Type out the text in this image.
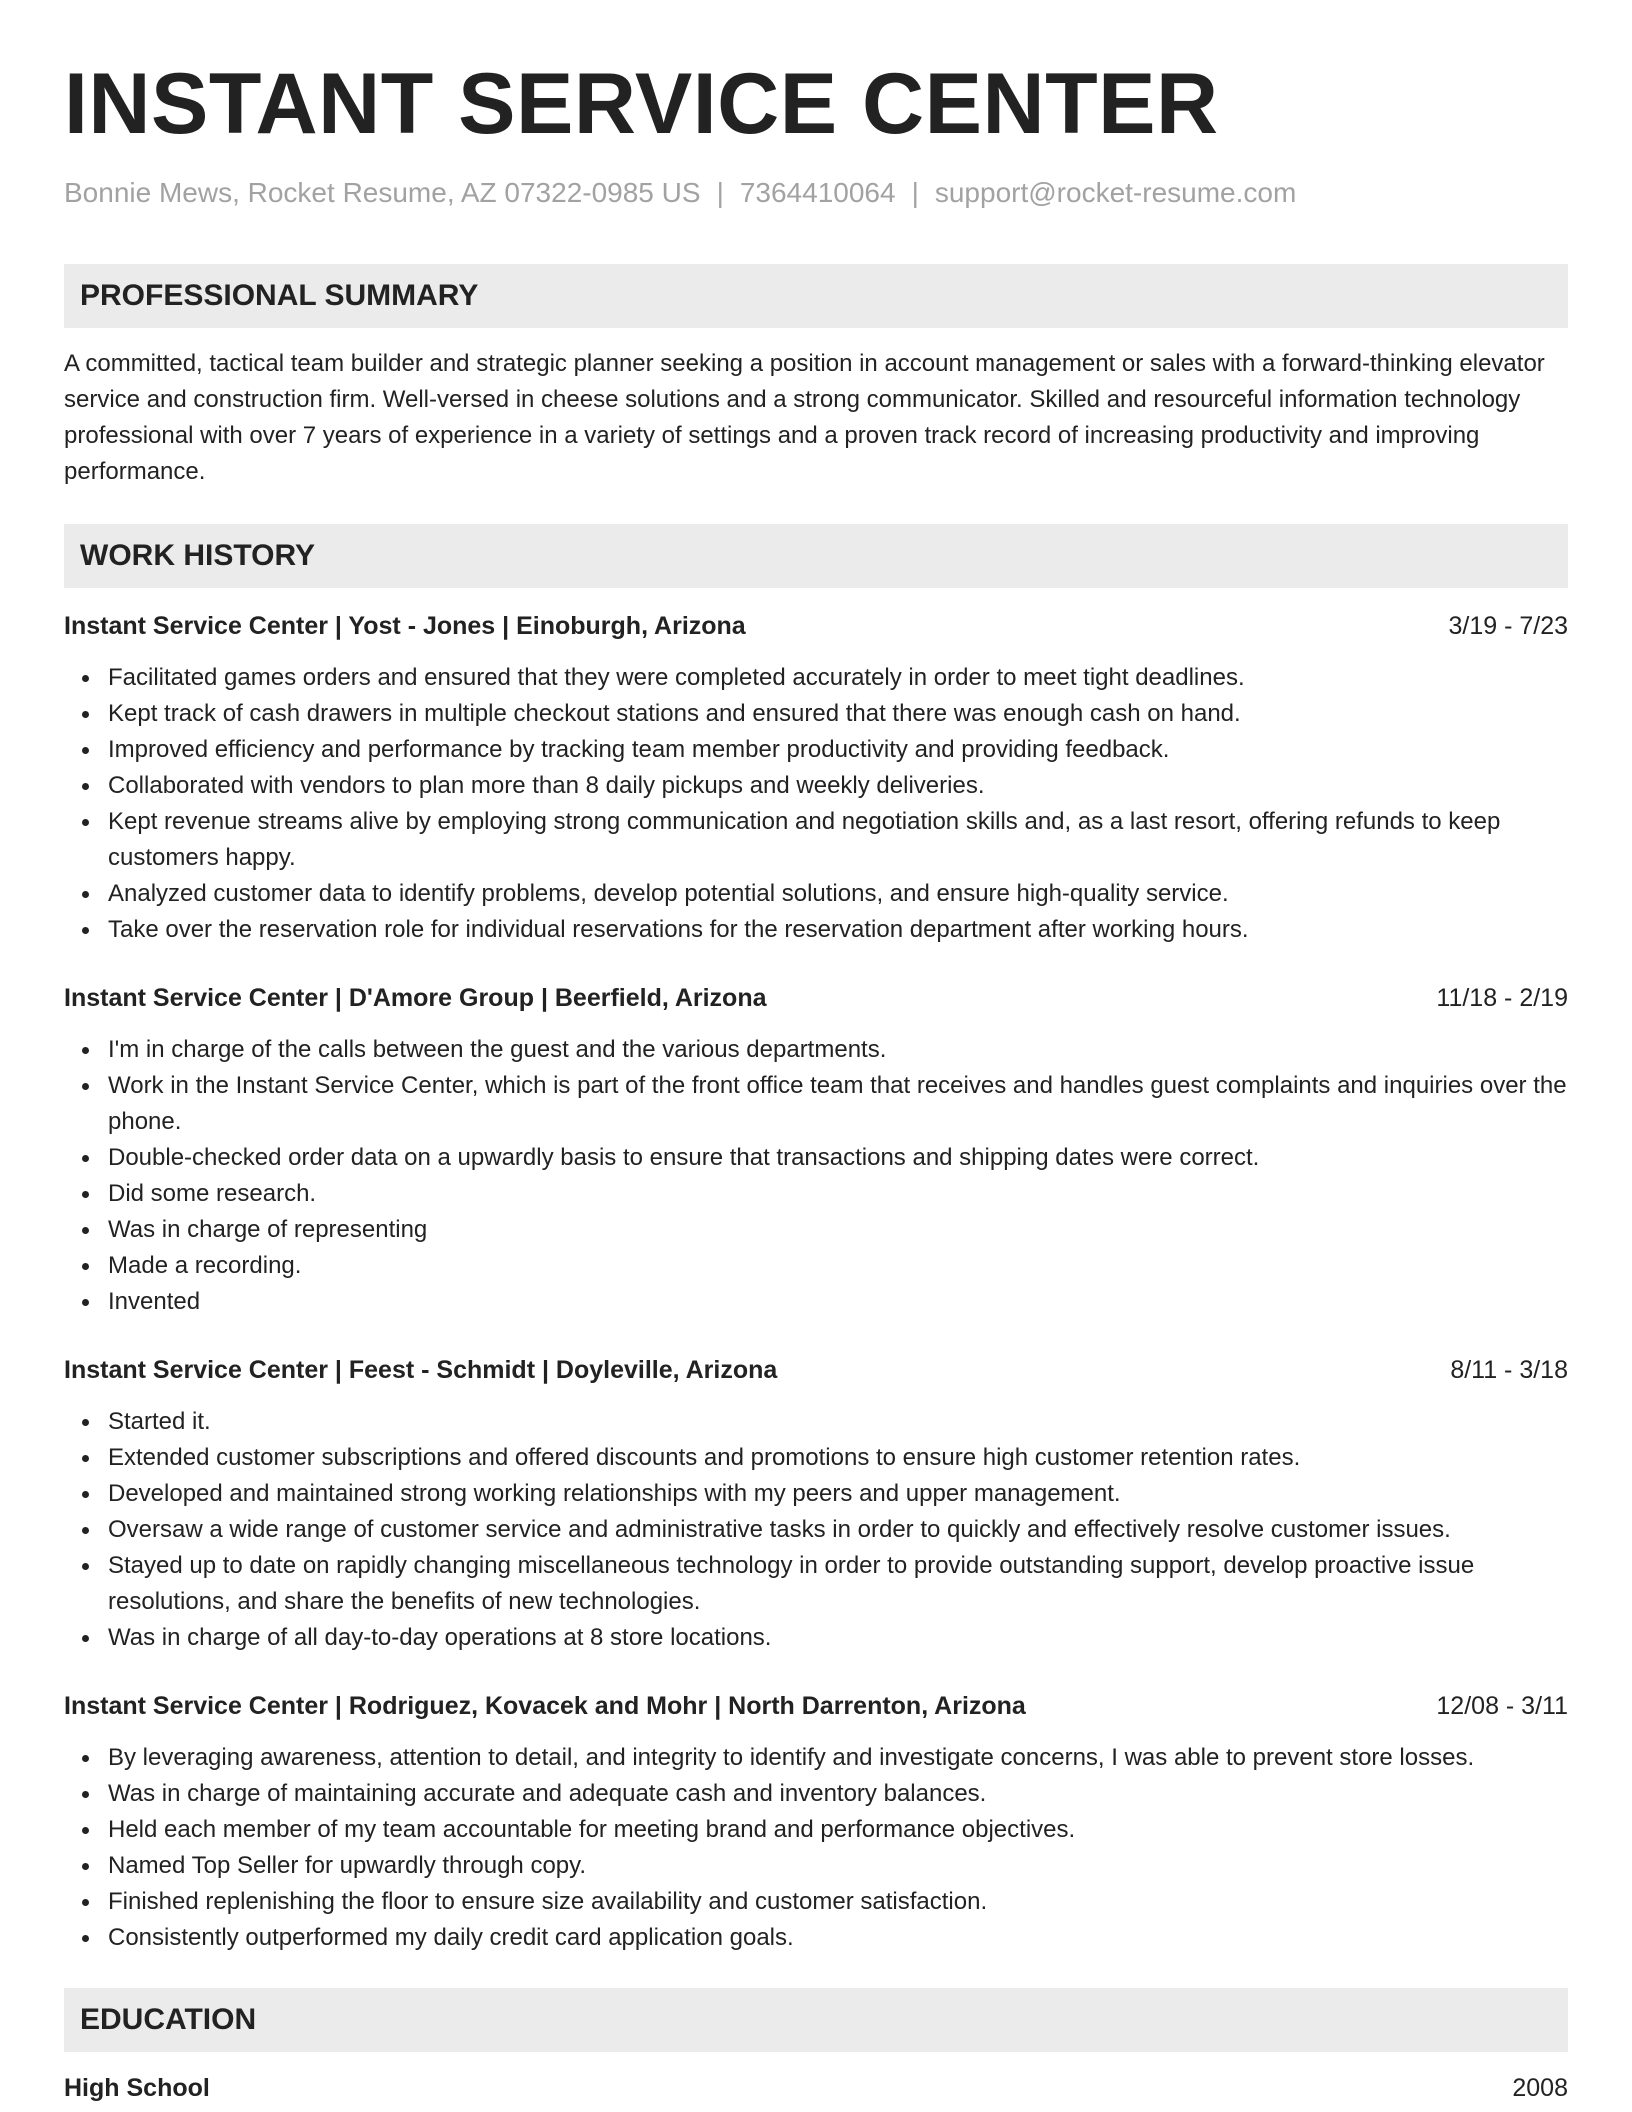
INSTANT SERVICE CENTER
Bonnie Mews, Rocket Resume, AZ 07322-0985 US | 7364410064 | support@rocket-resume.com
PROFESSIONAL SUMMARY
A committed, tactical team builder and strategic planner seeking a position in account management or sales with a forward-thinking elevator service and construction firm. Well-versed in cheese solutions and a strong communicator. Skilled and resourceful information technology professional with over 7 years of experience in a variety of settings and a proven track record of increasing productivity and improving performance.
WORK HISTORY
Instant Service Center | Yost - Jones | Einoburgh, Arizona	3/19 - 7/23
Facilitated games orders and ensured that they were completed accurately in order to meet tight deadlines.
Kept track of cash drawers in multiple checkout stations and ensured that there was enough cash on hand.
Improved efficiency and performance by tracking team member productivity and providing feedback.
Collaborated with vendors to plan more than 8 daily pickups and weekly deliveries.
Kept revenue streams alive by employing strong communication and negotiation skills and, as a last resort, offering refunds to keep customers happy.
Analyzed customer data to identify problems, develop potential solutions, and ensure high-quality service.
Take over the reservation role for individual reservations for the reservation department after working hours.
Instant Service Center | D'Amore Group | Beerfield, Arizona	11/18 - 2/19
I'm in charge of the calls between the guest and the various departments.
Work in the Instant Service Center, which is part of the front office team that receives and handles guest complaints and inquiries over the phone.
Double-checked order data on a upwardly basis to ensure that transactions and shipping dates were correct.
Did some research.
Was in charge of representing
Made a recording.
Invented
Instant Service Center | Feest - Schmidt | Doyleville, Arizona	8/11 - 3/18
Started it.
Extended customer subscriptions and offered discounts and promotions to ensure high customer retention rates.
Developed and maintained strong working relationships with my peers and upper management.
Oversaw a wide range of customer service and administrative tasks in order to quickly and effectively resolve customer issues.
Stayed up to date on rapidly changing miscellaneous technology in order to provide outstanding support, develop proactive issue resolutions, and share the benefits of new technologies.
Was in charge of all day-to-day operations at 8 store locations.
Instant Service Center | Rodriguez, Kovacek and Mohr | North Darrenton, Arizona	12/08 - 3/11
By leveraging awareness, attention to detail, and integrity to identify and investigate concerns, I was able to prevent store losses.
Was in charge of maintaining accurate and adequate cash and inventory balances.
Held each member of my team accountable for meeting brand and performance objectives.
Named Top Seller for upwardly through copy.
Finished replenishing the floor to ensure size availability and customer satisfaction.
Consistently outperformed my daily credit card application goals.
EDUCATION
High School	2008
